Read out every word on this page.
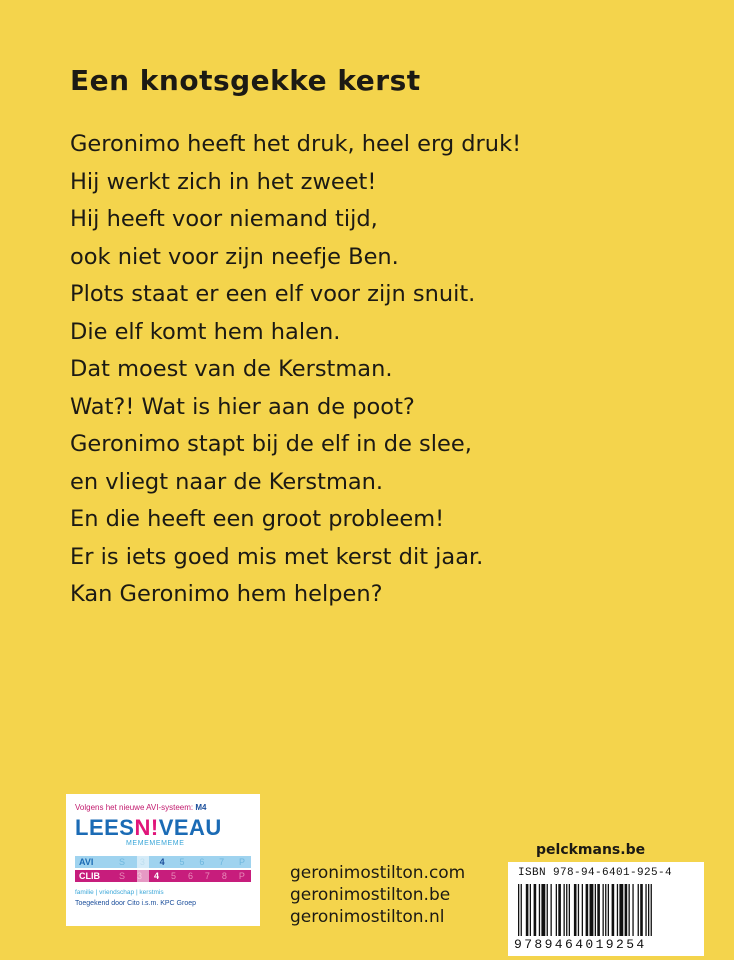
Een knotsgekke kerst
Geronimo heeft het druk, heel erg druk!
Hij werkt zich in het zweet!
Hij heeft voor niemand tijd,
ook niet voor zijn neefje Ben.
Plots staat er een elf voor zijn snuit.
Die elf komt hem halen.
Dat moest van de Kerstman.
Wat?! Wat is hier aan de poot?
Geronimo stapt bij de elf in de slee,
en vliegt naar de Kerstman.
En die heeft een groot probleem!
Er is iets goed mis met kerst dit jaar.
Kan Geronimo hem helpen?
Volgens het nieuwe AVI-systeem: M4
LEESN!VEAU
MEMEMEMEME
AVI	S	4 5 6 7 P
CLIB	S	4 5 6 7 8 P
familie | vriendschap | kerstmis
Toegekend door Cito i.s.m. KPC Groep
geronimostilton.com
geronimostilton.be
geronimostilton.nl
pelckmans.be
ISBN 978-94-6401-925-4
9789464019254
